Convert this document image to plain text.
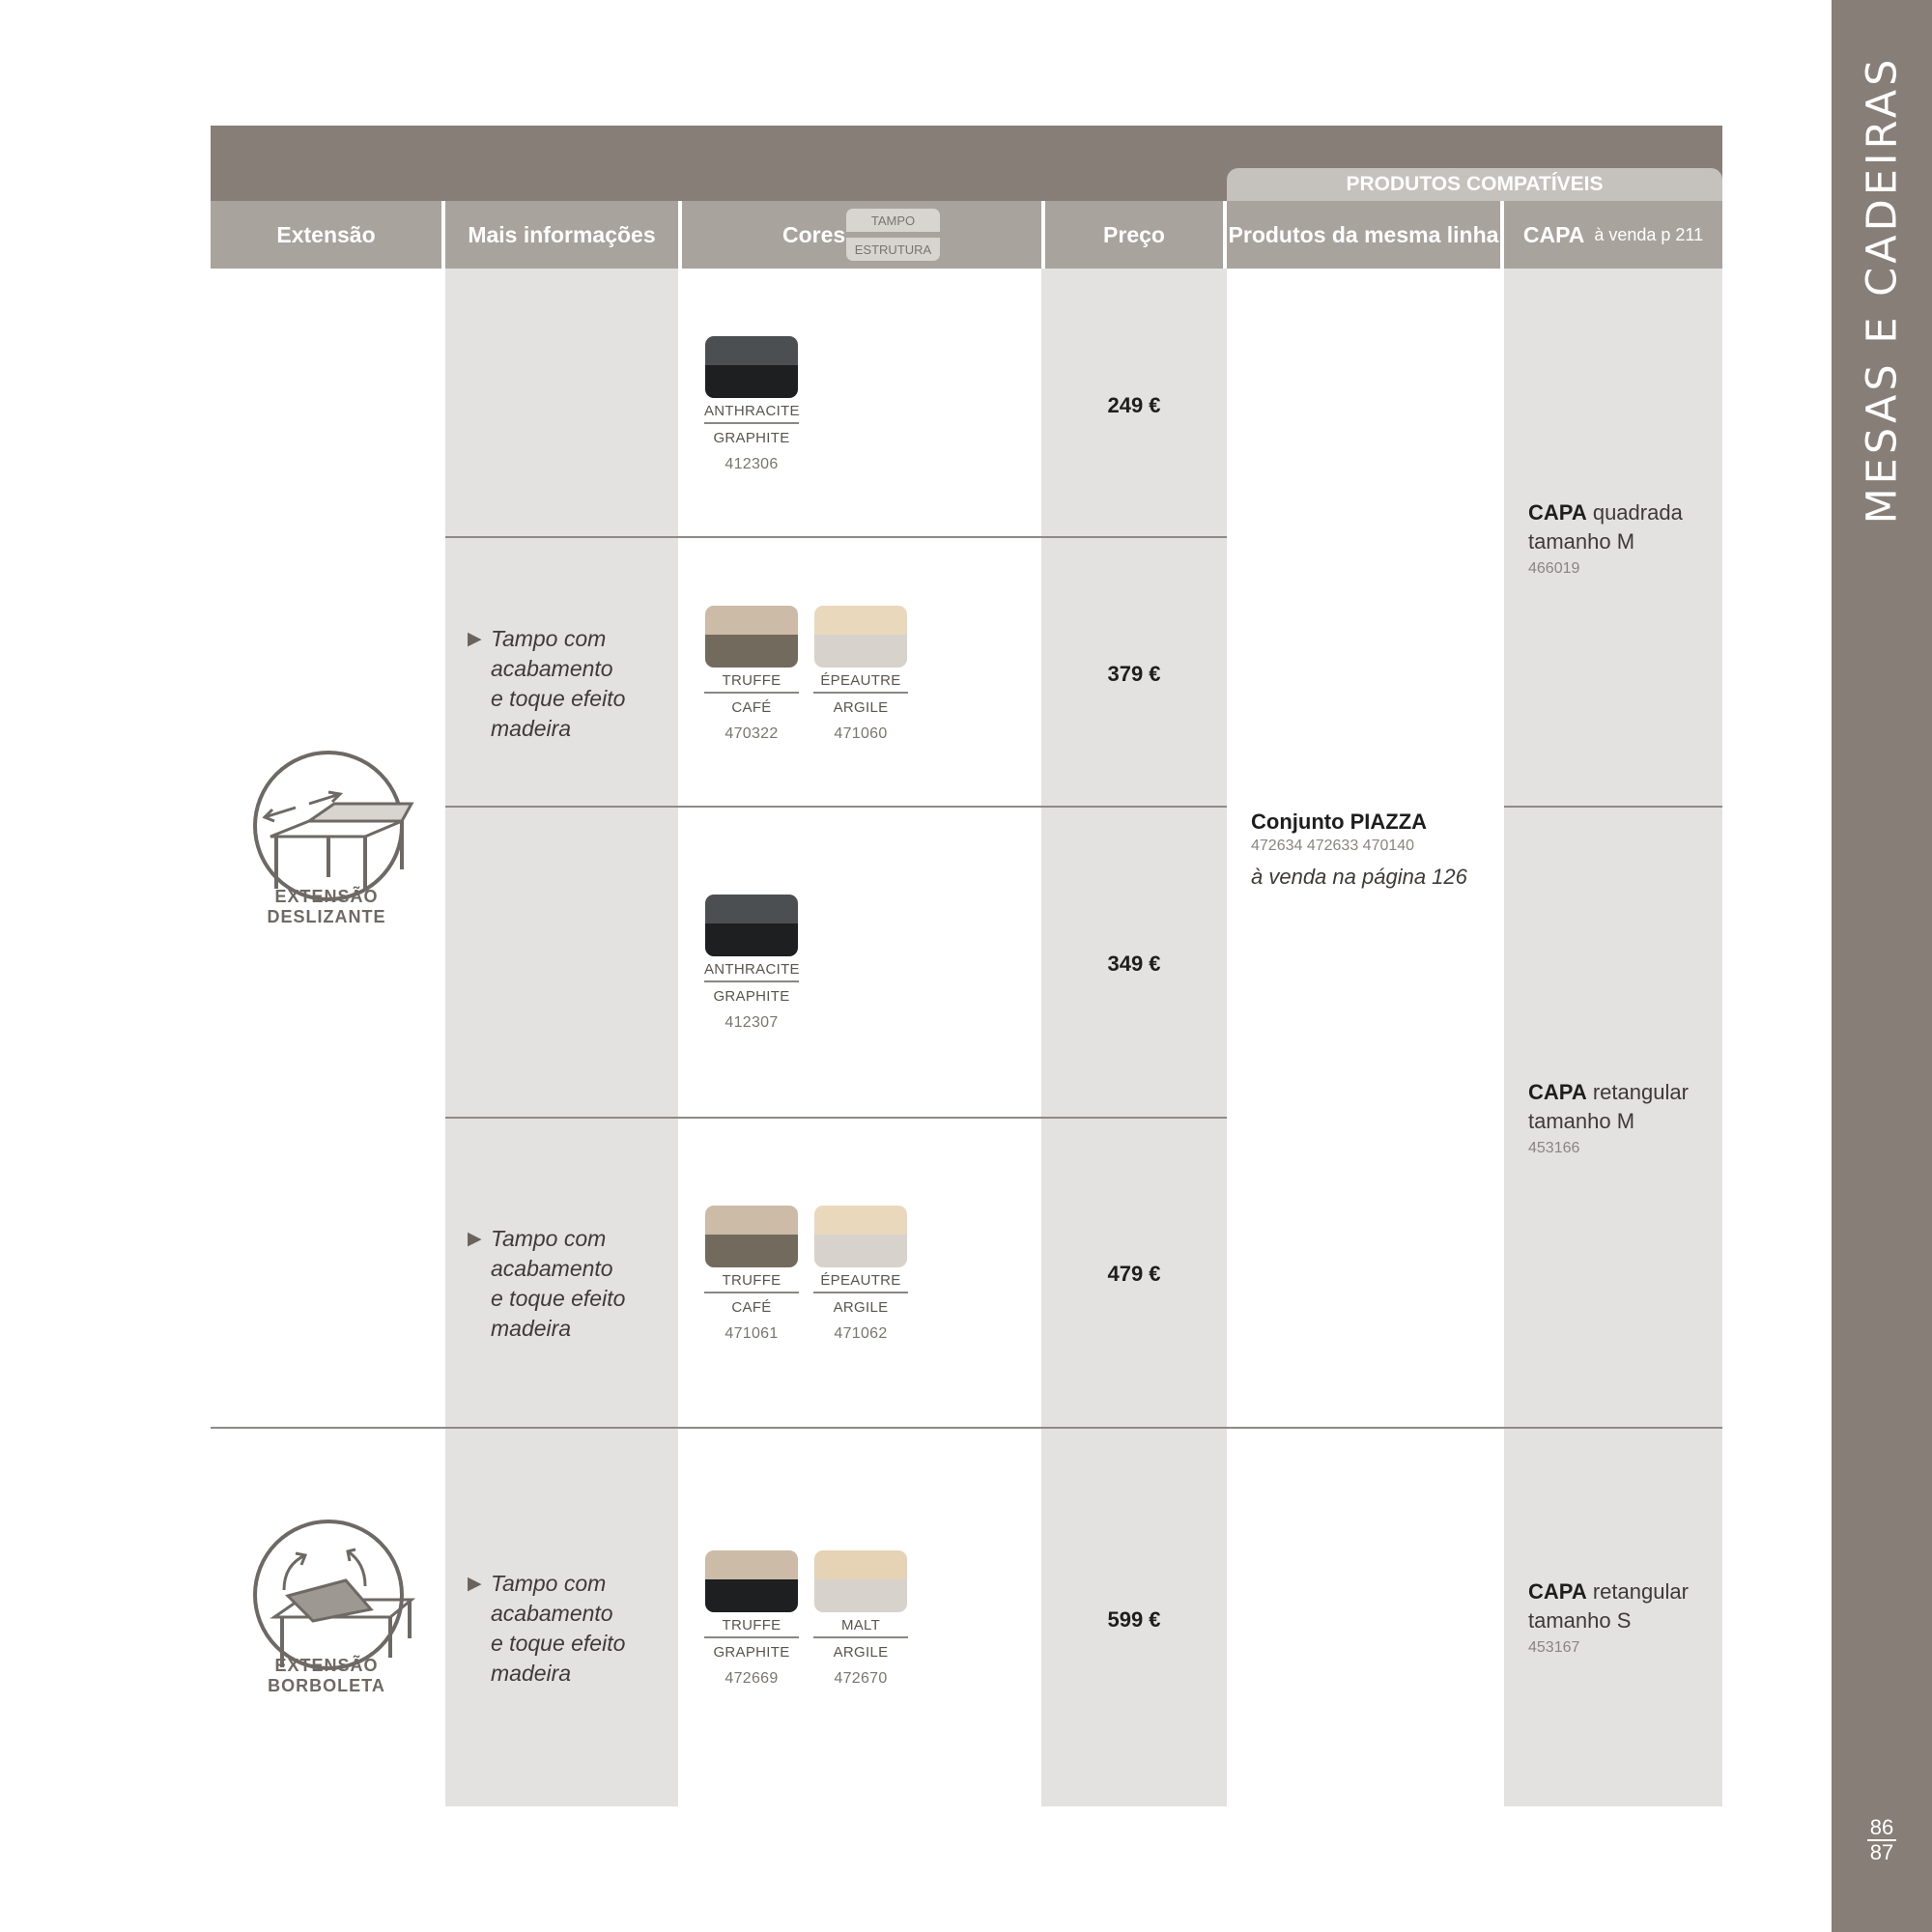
MESAS E CADEIRAS
86
87
Extensão	Mais informações	Cores
TAMPO
ESTRUTURA
Preço
PRODUTOS COMPATÍVEIS
Produtos da mesma linha CAPA à venda p 211
EXTENSÃO DESLIZANTE
EXTENSÃO BORBOLETA
▶ Tampo com
acabamento
e toque efeito
madeira
▶ Tampo com
acabamento
e toque efeito
madeira
▶ Tampo com
acabamento
e toque efeito
madeira
ANTHRACITE
GRAPHITE
412306
TRUFFE
CAFÉ
470322
ÉPEAUTRE
ARGILE
471060
ANTHRACITE
GRAPHITE
412307
TRUFFE
CAFÉ
471061
ÉPEAUTRE
ARGILE
471062
TRUFFE
GRAPHITE
472669
MALT
ARGILE
472670
249 €
379 €
349 €
479 €
599 €
Conjunto PIAZZA
472634 472633 470140
à venda na página 126
CAPA quadrada
tamanho M
466019
CAPA retangular
tamanho M
453166
CAPA retangular
tamanho S
453167
